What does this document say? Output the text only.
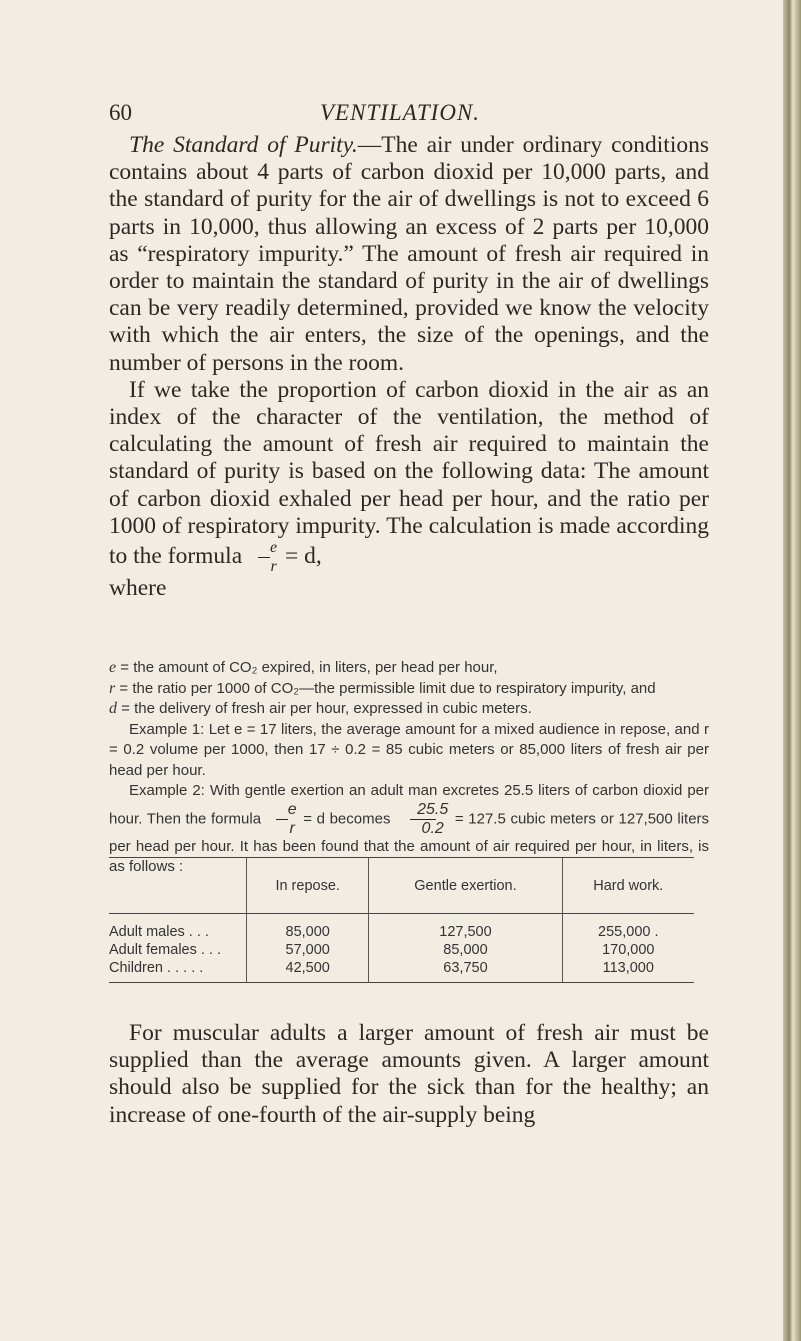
60	VENTILATION.

The Standard of Purity.—The air under ordinary conditions contains about 4 parts of carbon dioxid per 10,000 parts, and the standard of purity for the air of dwellings is not to exceed 6 parts in 10,000, thus allowing an excess of 2 parts per 10,000 as “respiratory impurity.” The amount of fresh air required in order to maintain the standard of purity in the air of dwellings can be very readily determined, provided we know the velocity with which the air enters, the size of the openings, and the number of persons in the room.

If we take the proportion of carbon dioxid in the air as an index of the character of the ventilation, the method of calculating the amount of fresh air required to maintain the standard of purity is based on the following data: The amount of carbon dioxid exhaled per head per hour, and the ratio per 1000 of respiratory impurity. The calculation is made according to the formula $\frac{e}{r} = d$,

where

e = the amount of CO₂ expired, in liters, per head per hour,

r = the ratio per 1000 of CO₂—the permissible limit due to respiratory impurity, and

d = the delivery of fresh air per hour, expressed in cubic meters.

Example 1: Let e = 17 liters, the average amount for a mixed audience in repose, and r = 0.2 volume per 1000, then 17 ÷ 0.2 = 85 cubic meters or 85,000 liters of fresh air per head per hour.

Example 2: With gentle exertion an adult man excretes 25.5 liters of carbon dioxid per hour. Then the formula $\frac{e}{r} = d$ becomes $\frac{25.5}{0.2} = 127.5$ cubic meters or 127,500 liters per head per hour. It has been found that the amount of air required per hour, in liters, is as follows :

	In repose.	Gentle exertion.	Hard work.
Adult males . . .	85,000	127,500	255,000 .
Adult females . . .	57,000	85,000	170,000
Children . . . . .	42,500	63,750	113,000

For muscular adults a larger amount of fresh air must be supplied than the average amounts given. A larger amount should also be supplied for the sick than for the healthy; an increase of one-fourth of the air-supply being
